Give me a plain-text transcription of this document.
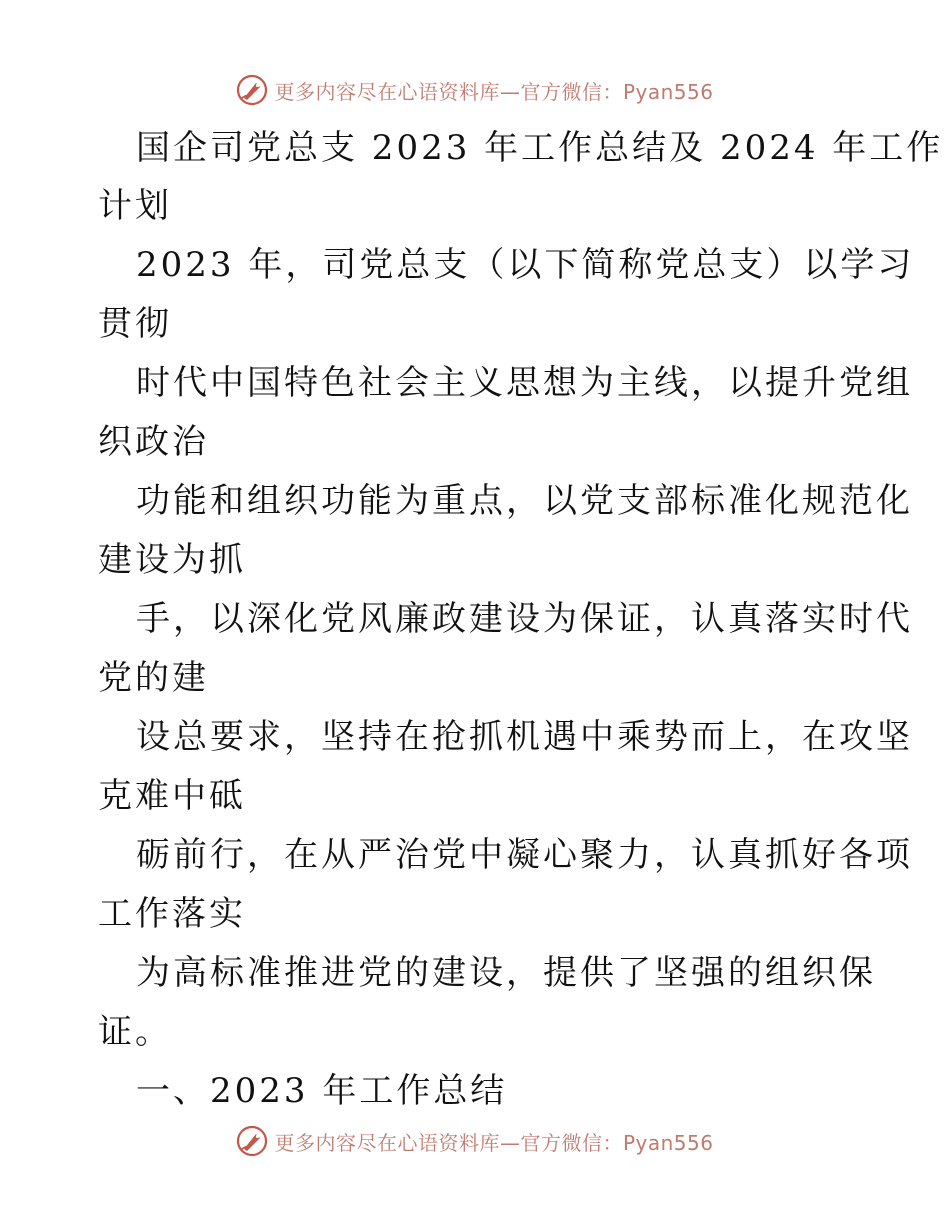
更多内容尽在心语资料库—官方微信：Pyan556
国企司党总支 2023 年工作总结及 2024 年工作
计划
2023 年，司党总支（以下简称党总支）以学习
贯彻
时代中国特色社会主义思想为主线，以提升党组
织政治
功能和组织功能为重点，以党支部标准化规范化
建设为抓
手，以深化党风廉政建设为保证，认真落实时代
党的建
设总要求，坚持在抢抓机遇中乘势而上，在攻坚
克难中砥
砺前行，在从严治党中凝心聚力，认真抓好各项
工作落实
为高标准推进党的建设，提供了坚强的组织保
证。
一、2023 年工作总结
更多内容尽在心语资料库—官方微信：Pyan556
